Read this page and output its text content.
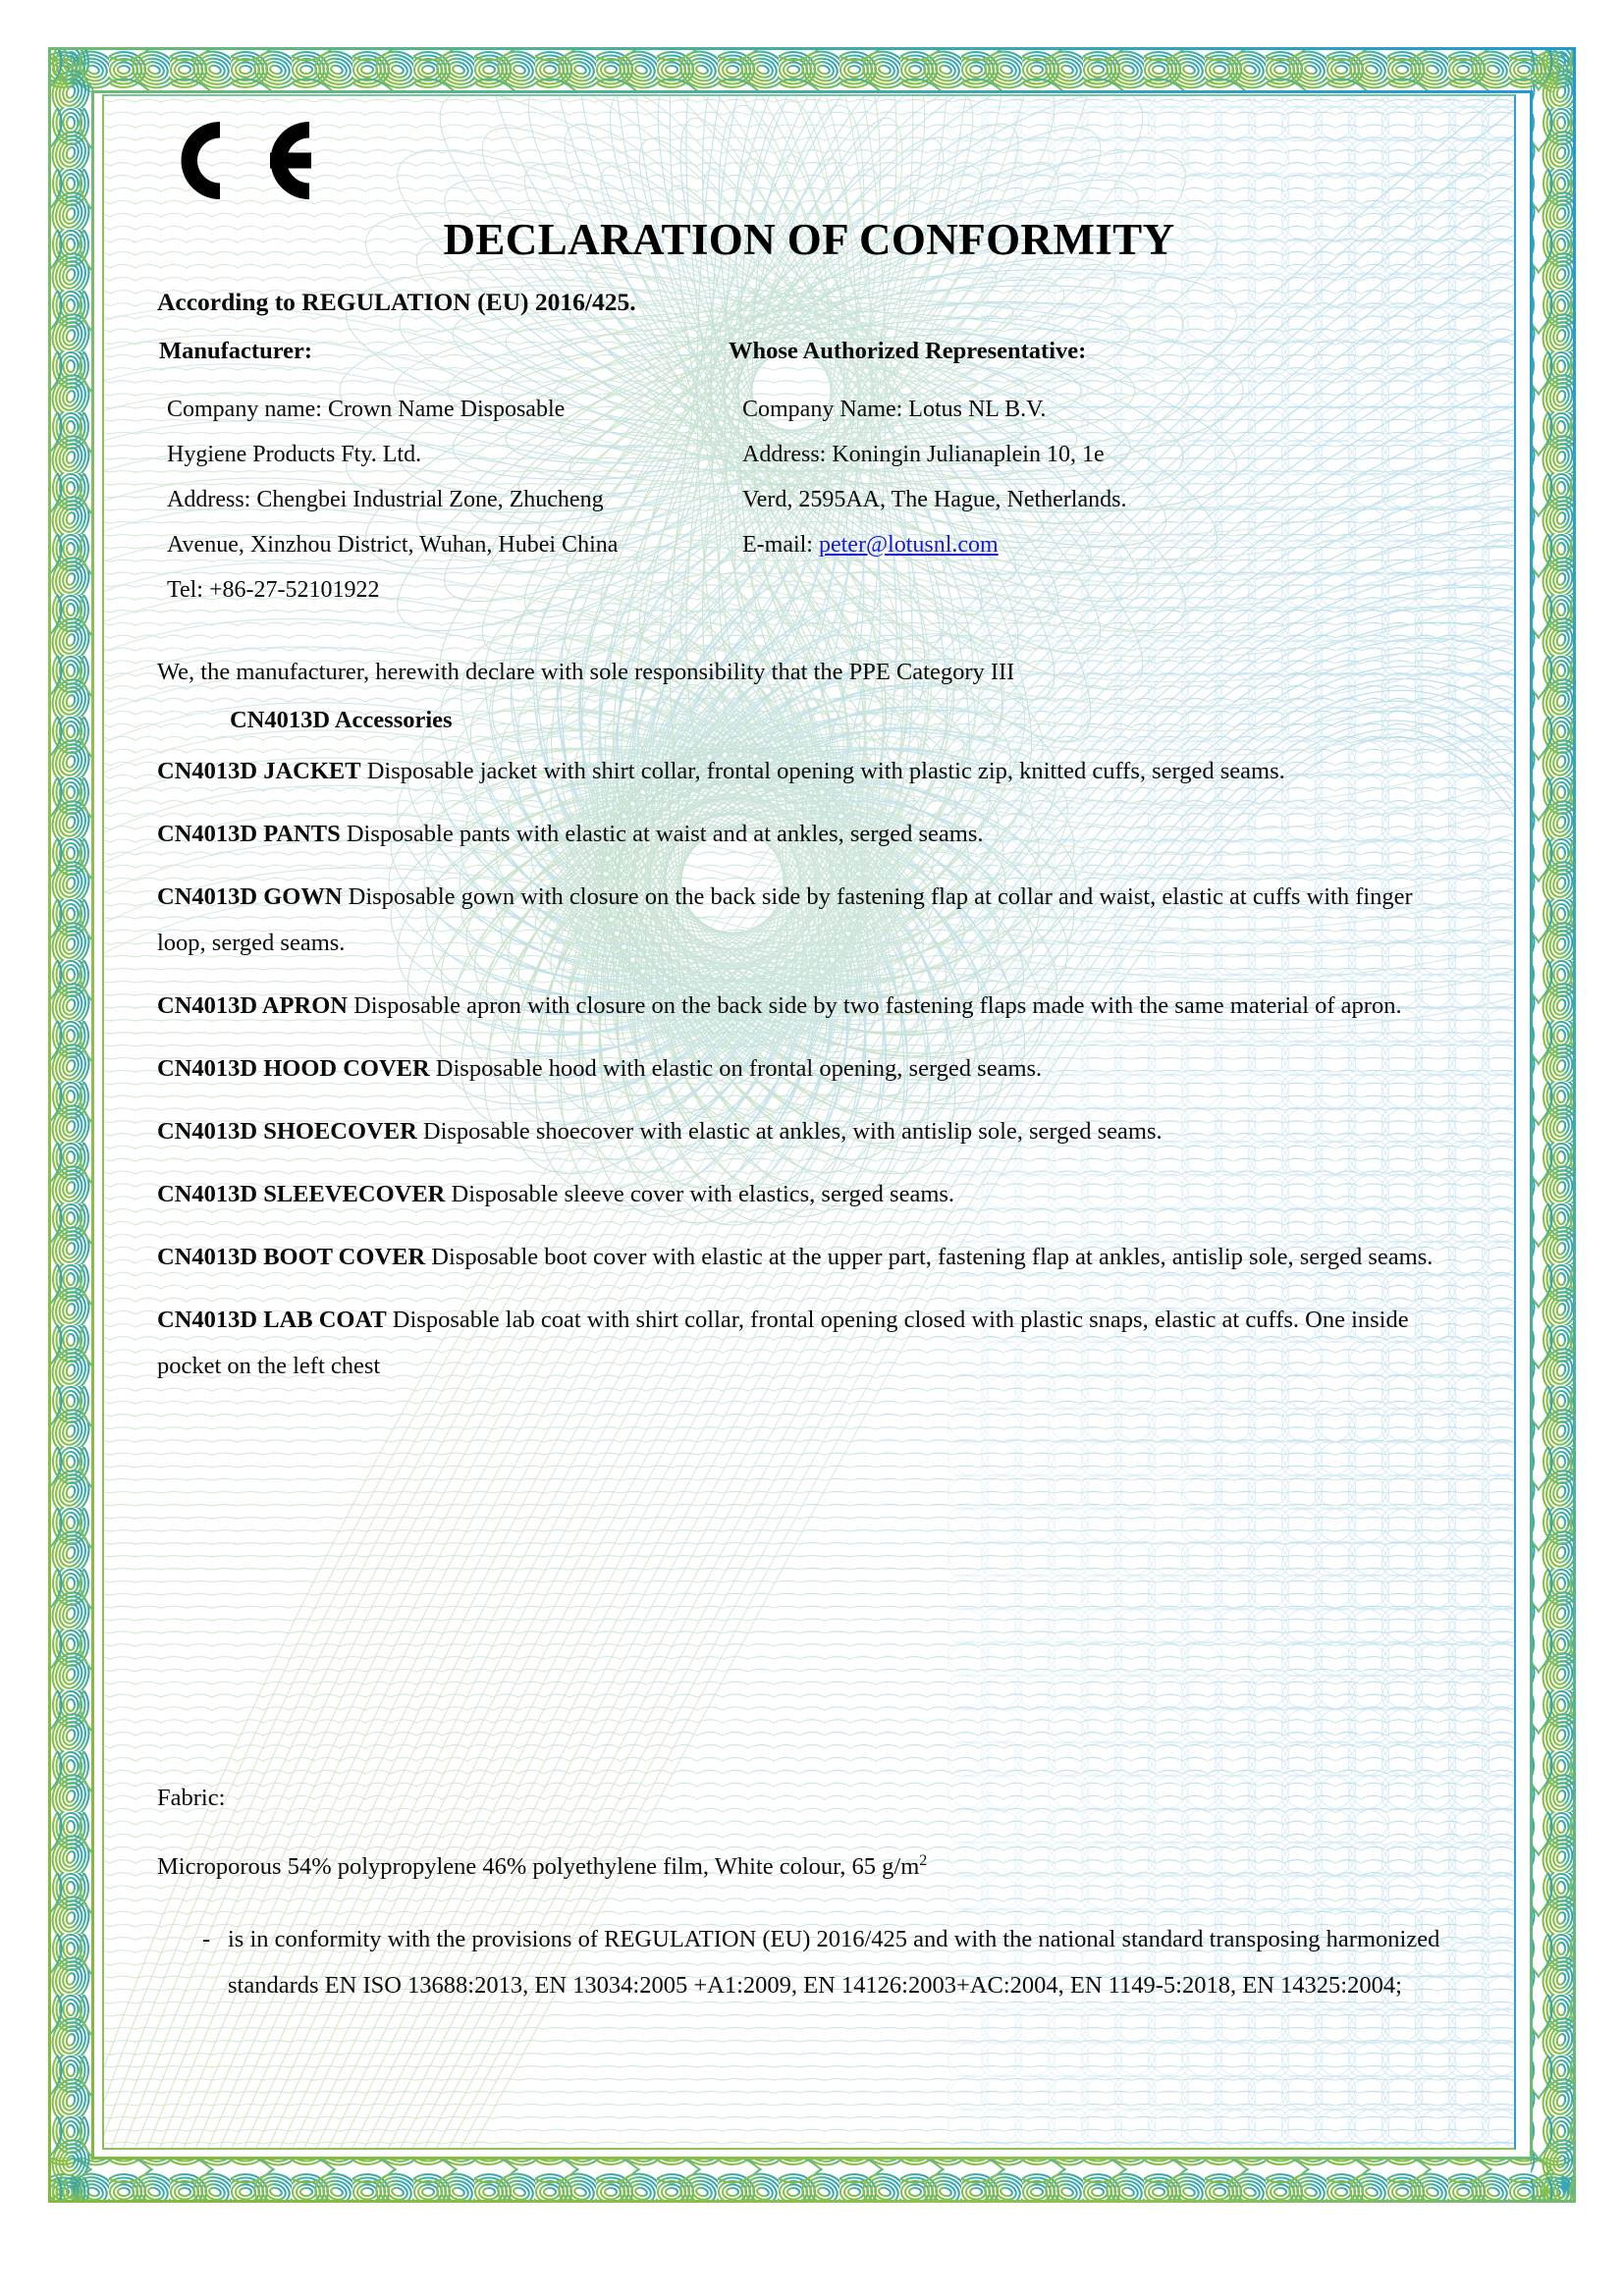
DECLARATION OF CONFORMITY
According to REGULATION (EU) 2016/425.
Manufacturer:
Company name: Crown Name Disposable
Hygiene Products Fty. Ltd.
Address: Chengbei Industrial Zone, Zhucheng
Avenue, Xinzhou District, Wuhan, Hubei China
Tel: +86-27-52101922
Whose Authorized Representative:
Company Name: Lotus NL B.V.
Address: Koningin Julianaplein 10, 1e
Verd, 2595AA, The Hague, Netherlands.
E-mail: peter@lotusnl.com
We, the manufacturer, herewith declare with sole responsibility that the PPE Category III
CN4013D Accessories
CN4013D JACKET Disposable jacket with shirt collar, frontal opening with plastic zip, knitted cuffs, serged seams.
CN4013D PANTS Disposable pants with elastic at waist and at ankles, serged seams.
CN4013D GOWN Disposable gown with closure on the back side by fastening flap at collar and waist, elastic at cuffs with finger loop, serged seams.
CN4013D APRON Disposable apron with closure on the back side by two fastening flaps made with the same material of apron.
CN4013D HOOD COVER Disposable hood with elastic on frontal opening, serged seams.
CN4013D SHOECOVER Disposable shoecover with elastic at ankles, with antislip sole, serged seams.
CN4013D SLEEVECOVER Disposable sleeve cover with elastics, serged seams.
CN4013D BOOT COVER Disposable boot cover with elastic at the upper part, fastening flap at ankles, antislip sole, serged seams.
CN4013D LAB COAT Disposable lab coat with shirt collar, frontal opening closed with plastic snaps, elastic at cuffs. One inside pocket on the left chest
Fabric:
Microporous 54% polypropylene 46% polyethylene film, White colour, 65 $g/m^2$
- is in conformity with the provisions of REGULATION (EU) 2016/425 and with the national standard transposing harmonized standards EN ISO 13688:2013, EN 13034:2005 +A1:2009, EN 14126:2003+AC:2004, EN 1149-5:2018, EN 14325:2004;
